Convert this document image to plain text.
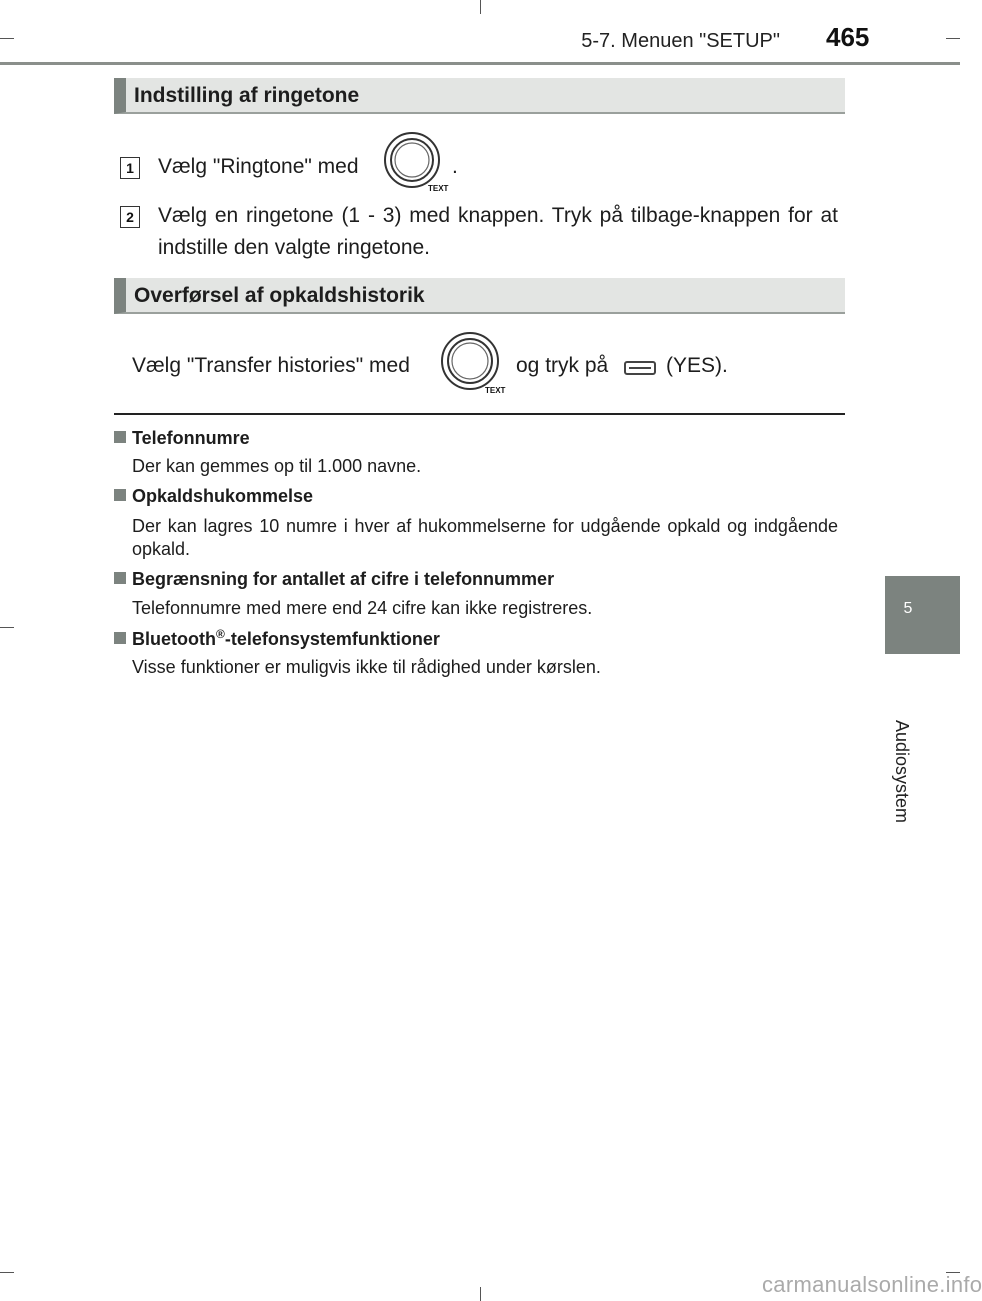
5-7. Menuen "SETUP" 465
5
Audiosystem
Indstilling af ringetone
1 Vælg "Ringtone" med
TEXT
.
2 Vælg en ringetone (1 - 3) med knappen. Tryk på tilbage-knappen for at indstille den valgte ringetone.
Overførsel af opkaldshistorik
Vælg "Transfer histories" med
TEXT
og tryk på	(YES).
Telefonnumre
Der kan gemmes op til 1.000 navne.
Opkaldshukommelse
Der kan lagres 10 numre i hver af hukommelserne for udgående opkald og indgående opkald.
Begrænsning for antallet af cifre i telefonnummer
Telefonnumre med mere end 24 cifre kan ikke registreres.
Bluetooth®-telefonsystemfunktioner
Visse funktioner er muligvis ikke til rådighed under kørslen.
carmanualsonline.info
